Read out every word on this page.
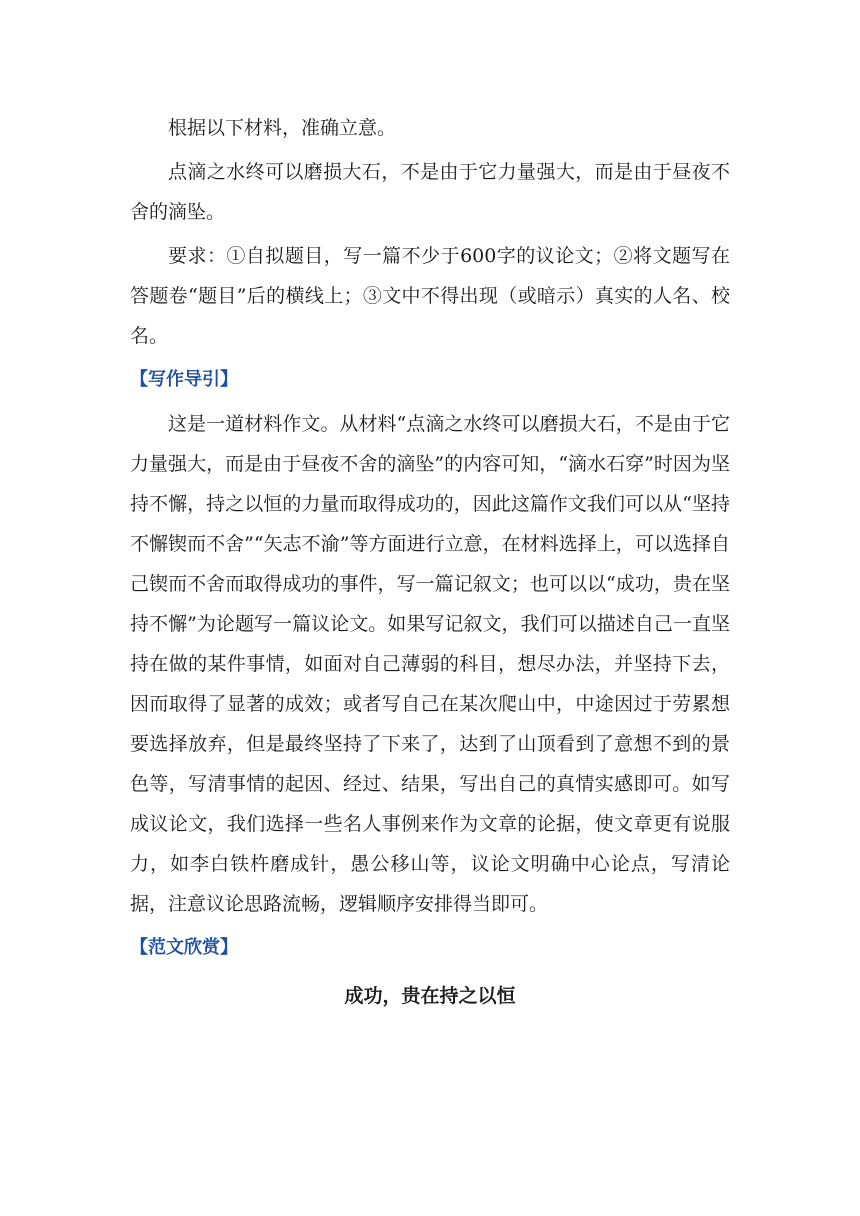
根据以下材料，准确立意。

点滴之水终可以磨损大石，不是由于它力量强大，而是由于昼夜不舍的滴坠。

要求：①自拟题目，写一篇不少于600字的议论文；②将文题写在答题卷“题目”后的横线上；③文中不得出现（或暗示）真实的人名、校名。

【写作导引】

这是一道材料作文。从材料“点滴之水终可以磨损大石，不是由于它力量强大，而是由于昼夜不舍的滴坠”的内容可知，“滴水石穿”时因为坚持不懈，持之以恒的力量而取得成功的，因此这篇作文我们可以从“坚持不懈锲而不舍”“矢志不渝”等方面进行立意，在材料选择上，可以选择自己锲而不舍而取得成功的事件，写一篇记叙文；也可以以“成功，贵在坚持不懈”为论题写一篇议论文。如果写记叙文，我们可以描述自己一直坚持在做的某件事情，如面对自己薄弱的科目，想尽办法，并坚持下去，因而取得了显著的成效；或者写自己在某次爬山中，中途因过于劳累想要选择放弃，但是最终坚持了下来了，达到了山顶看到了意想不到的景色等，写清事情的起因、经过、结果，写出自己的真情实感即可。如写成议论文，我们选择一些名人事例来作为文章的论据，使文章更有说服力，如李白铁杵磨成针，愚公移山等，议论文明确中心论点，写清论据，注意议论思路流畅，逻辑顺序安排得当即可。

【范文欣赏】
成功，贵在持之以恒
